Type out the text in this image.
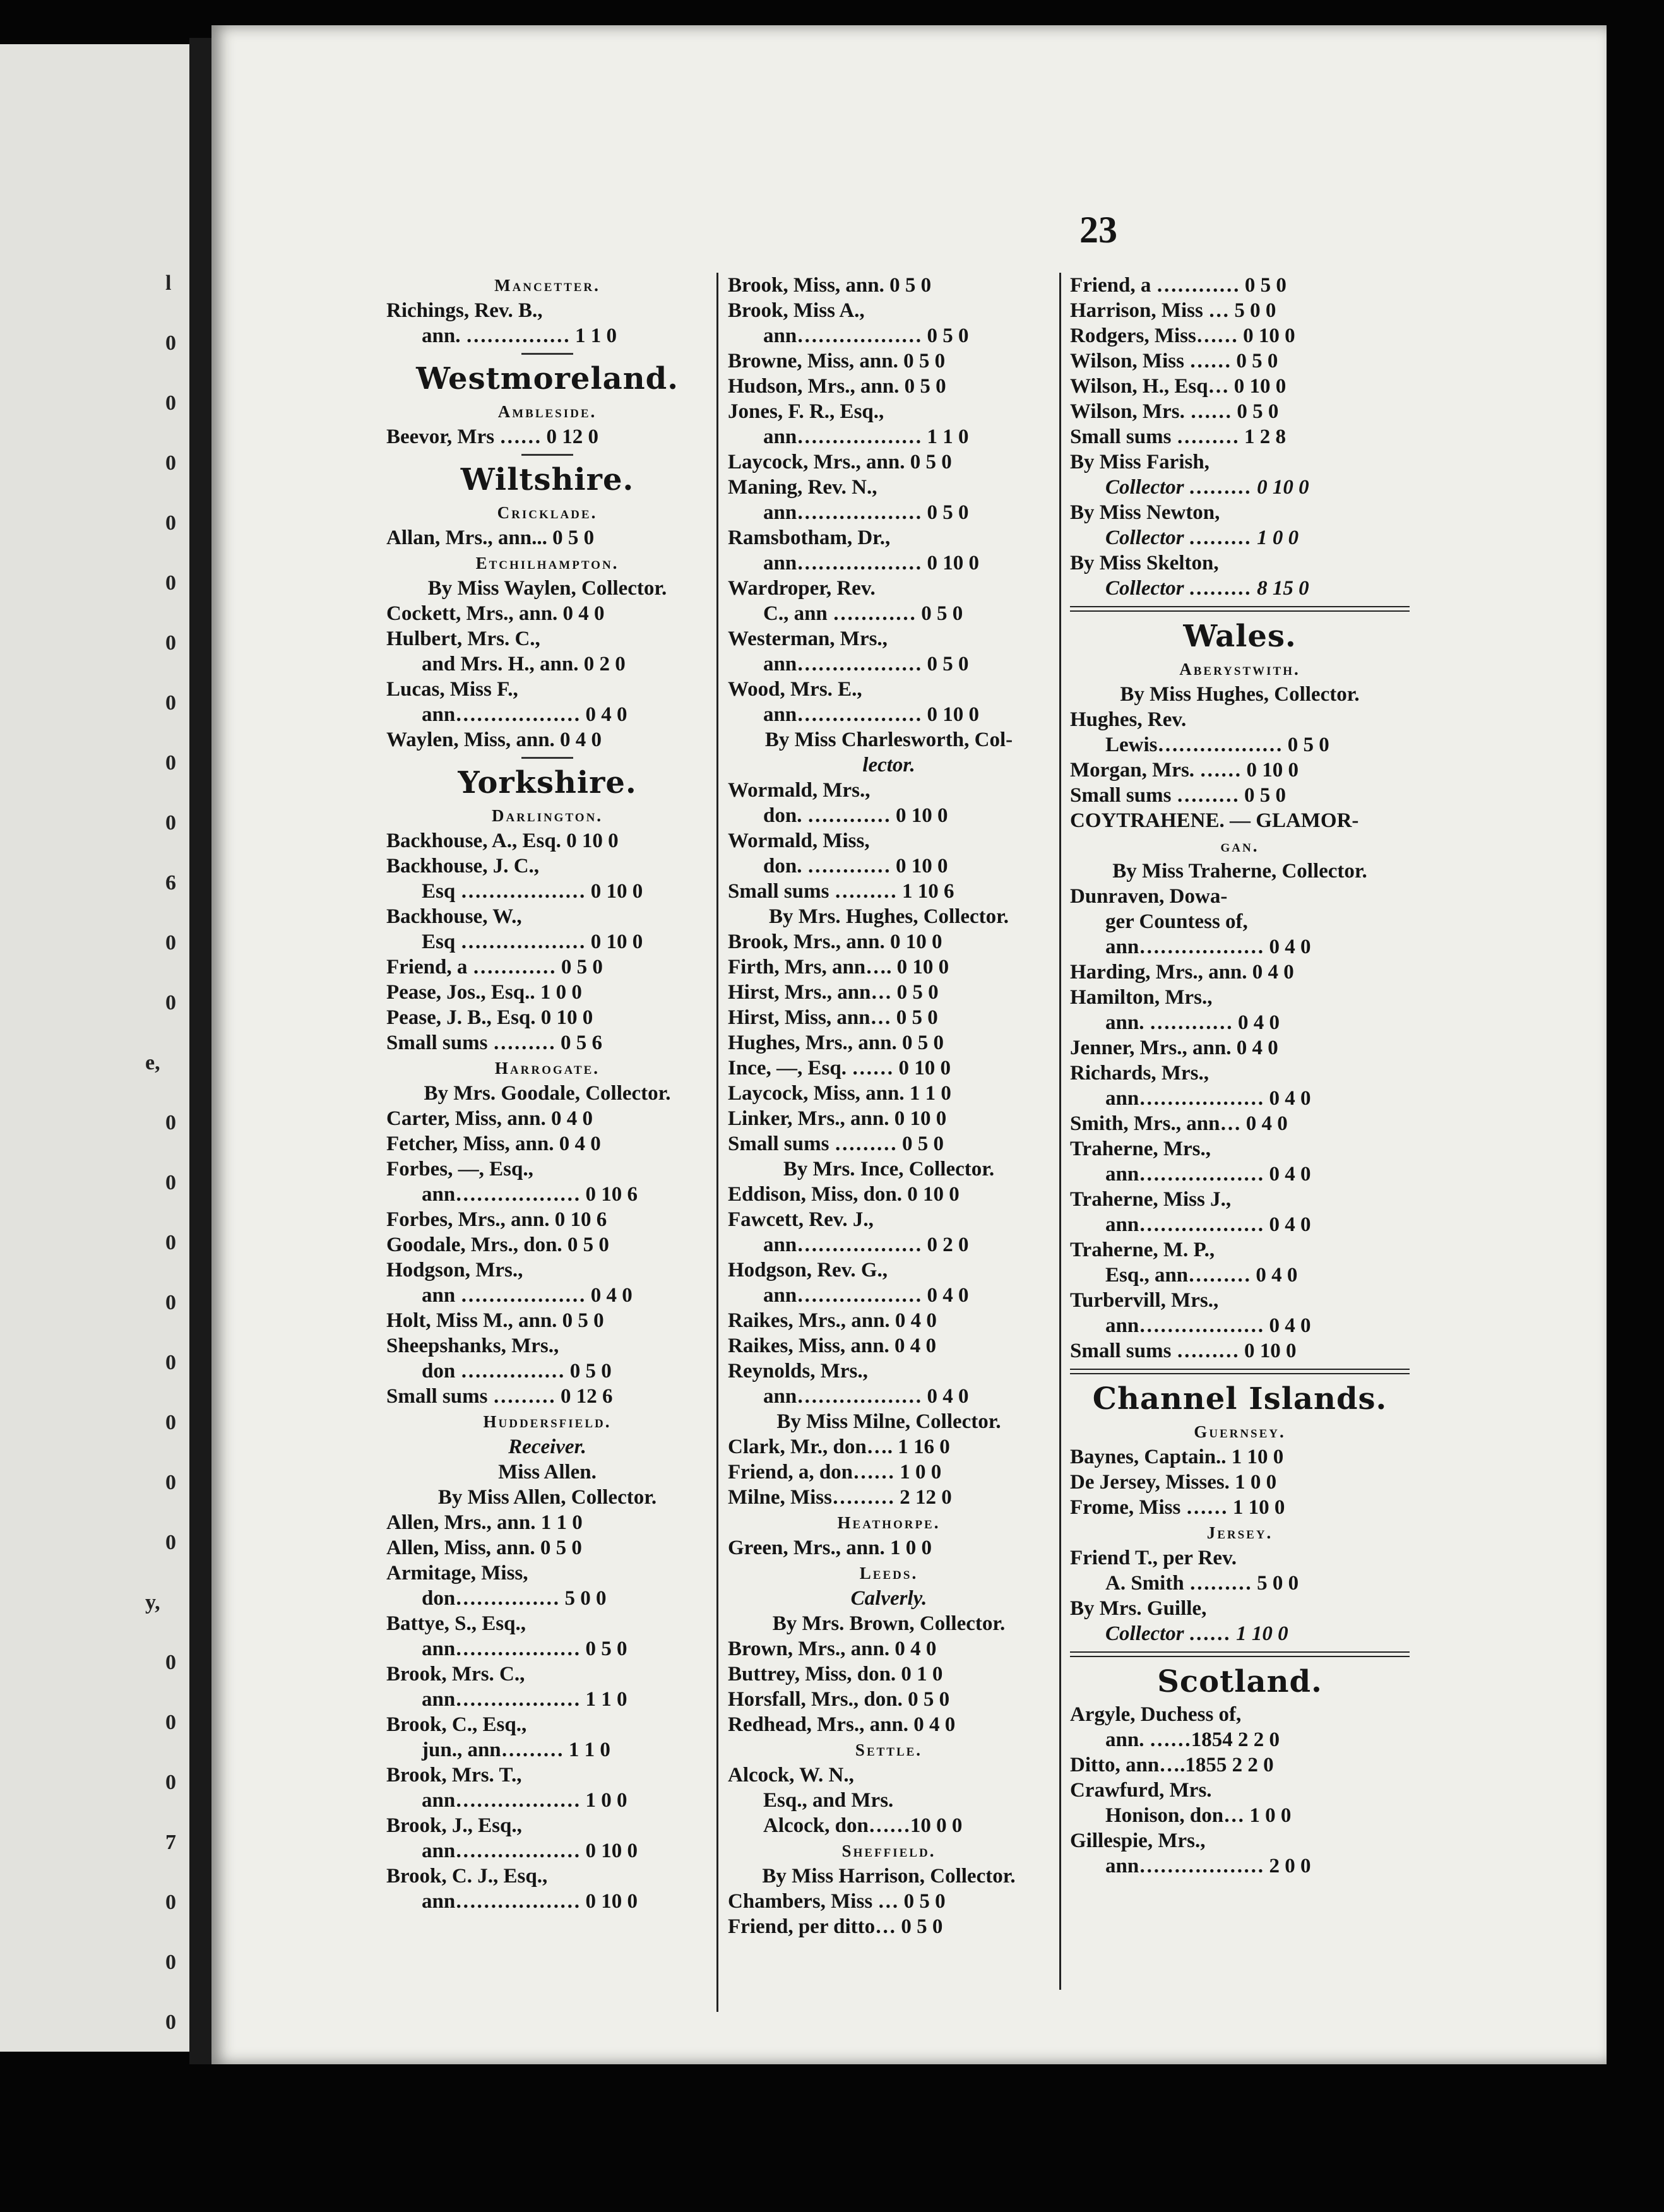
l
0
0
0
0
0
0
0
0
0
6
0
0
e,
0
0
0
0
0
0
0
0
y,
0
0
0
7
0
0
0
23
Mancetter.
Richings, Rev. B.,
ann. …………… 1 1 0
Westmoreland.
Ambleside.
Beevor, Mrs …… 0 12 0
Wiltshire.
Cricklade.
Allan, Mrs., ann... 0 5 0
Etchilhampton.
By Miss Waylen, Collector.
Cockett, Mrs., ann. 0 4 0
Hulbert, Mrs. C.,
and Mrs. H., ann. 0 2 0
Lucas, Miss F.,
ann……………… 0 4 0
Waylen, Miss, ann. 0 4 0
Yorkshire.
Darlington.
Backhouse, A., Esq. 0 10 0
Backhouse, J. C.,
Esq ……………… 0 10 0
Backhouse, W.,
Esq ……………… 0 10 0
Friend, a ………… 0 5 0
Pease, Jos., Esq.. 1 0 0
Pease, J. B., Esq. 0 10 0
Small sums ……… 0 5 6
Harrogate.
By Mrs. Goodale, Collector.
Carter, Miss, ann. 0 4 0
Fetcher, Miss, ann. 0 4 0
Forbes, —, Esq.,
ann……………… 0 10 6
Forbes, Mrs., ann. 0 10 6
Goodale, Mrs., don. 0 5 0
Hodgson, Mrs.,
ann ……………… 0 4 0
Holt, Miss M., ann. 0 5 0
Sheepshanks, Mrs.,
don …………… 0 5 0
Small sums ……… 0 12 6
Huddersfield.
Receiver.
Miss Allen.
By Miss Allen, Collector.
Allen, Mrs., ann. 1 1 0
Allen, Miss, ann. 0 5 0
Armitage, Miss,
don…………… 5 0 0
Battye, S., Esq.,
ann……………… 0 5 0
Brook, Mrs. C.,
ann……………… 1 1 0
Brook, C., Esq.,
jun., ann……… 1 1 0
Brook, Mrs. T.,
ann……………… 1 0 0
Brook, J., Esq.,
ann……………… 0 10 0
Brook, C. J., Esq.,
ann……………… 0 10 0
Brook, Miss, ann. 0 5 0
Brook, Miss A.,
ann……………… 0 5 0
Browne, Miss, ann. 0 5 0
Hudson, Mrs., ann. 0 5 0
Jones, F. R., Esq.,
ann……………… 1 1 0
Laycock, Mrs., ann. 0 5 0
Maning, Rev. N.,
ann……………… 0 5 0
Ramsbotham, Dr.,
ann……………… 0 10 0
Wardroper, Rev.
C., ann ………… 0 5 0
Westerman, Mrs.,
ann……………… 0 5 0
Wood, Mrs. E.,
ann……………… 0 10 0
By Miss Charlesworth, Col-
lector.
Wormald, Mrs.,
don. ………… 0 10 0
Wormald, Miss,
don. ………… 0 10 0
Small sums ……… 1 10 6
By Mrs. Hughes, Collector.
Brook, Mrs., ann. 0 10 0
Firth, Mrs, ann…. 0 10 0
Hirst, Mrs., ann… 0 5 0
Hirst, Miss, ann… 0 5 0
Hughes, Mrs., ann. 0 5 0
Ince, —, Esq. …… 0 10 0
Laycock, Miss, ann. 1 1 0
Linker, Mrs., ann. 0 10 0
Small sums ……… 0 5 0
By Mrs. Ince, Collector.
Eddison, Miss, don. 0 10 0
Fawcett, Rev. J.,
ann……………… 0 2 0
Hodgson, Rev. G.,
ann……………… 0 4 0
Raikes, Mrs., ann. 0 4 0
Raikes, Miss, ann. 0 4 0
Reynolds, Mrs.,
ann……………… 0 4 0
By Miss Milne, Collector.
Clark, Mr., don…. 1 16 0
Friend, a, don…… 1 0 0
Milne, Miss……… 2 12 0
Heathorpe.
Green, Mrs., ann. 1 0 0
Leeds.
Calverly.
By Mrs. Brown, Collector.
Brown, Mrs., ann. 0 4 0
Buttrey, Miss, don. 0 1 0
Horsfall, Mrs., don. 0 5 0
Redhead, Mrs., ann. 0 4 0
Settle.
Alcock, W. N.,
Esq., and Mrs.
Alcock, don……10 0 0
Sheffield.
By Miss Harrison, Collector.
Chambers, Miss … 0 5 0
Friend, per ditto… 0 5 0
Friend, a ………… 0 5 0
Harrison, Miss … 5 0 0
Rodgers, Miss…… 0 10 0
Wilson, Miss …… 0 5 0
Wilson, H., Esq… 0 10 0
Wilson, Mrs. …… 0 5 0
Small sums ……… 1 2 8
By Miss Farish,
Collector ……… 0 10 0
By Miss Newton,
Collector ……… 1 0 0
By Miss Skelton,
Collector ……… 8 15 0
Wales.
Aberystwith.
By Miss Hughes, Collector.
Hughes, Rev.
Lewis……………… 0 5 0
Morgan, Mrs. …… 0 10 0
Small sums ……… 0 5 0
COYTRAHENE. — GLAMOR-
gan.
By Miss Traherne, Collector.
Dunraven, Dowa-
ger Countess of,
ann……………… 0 4 0
Harding, Mrs., ann. 0 4 0
Hamilton, Mrs.,
ann. ………… 0 4 0
Jenner, Mrs., ann. 0 4 0
Richards, Mrs.,
ann……………… 0 4 0
Smith, Mrs., ann… 0 4 0
Traherne, Mrs.,
ann……………… 0 4 0
Traherne, Miss J.,
ann……………… 0 4 0
Traherne, M. P.,
Esq., ann……… 0 4 0
Turbervill, Mrs.,
ann……………… 0 4 0
Small sums ……… 0 10 0
Channel Islands.
Guernsey.
Baynes, Captain.. 1 10 0
De Jersey, Misses. 1 0 0
Frome, Miss …… 1 10 0
Jersey.
Friend T., per Rev.
A. Smith ……… 5 0 0
By Mrs. Guille,
Collector …… 1 10 0
Scotland.
Argyle, Duchess of,
ann. ……1854 2 2 0
Ditto, ann….1855 2 2 0
Crawfurd, Mrs.
Honison, don… 1 0 0
Gillespie, Mrs.,
ann……………… 2 0 0
